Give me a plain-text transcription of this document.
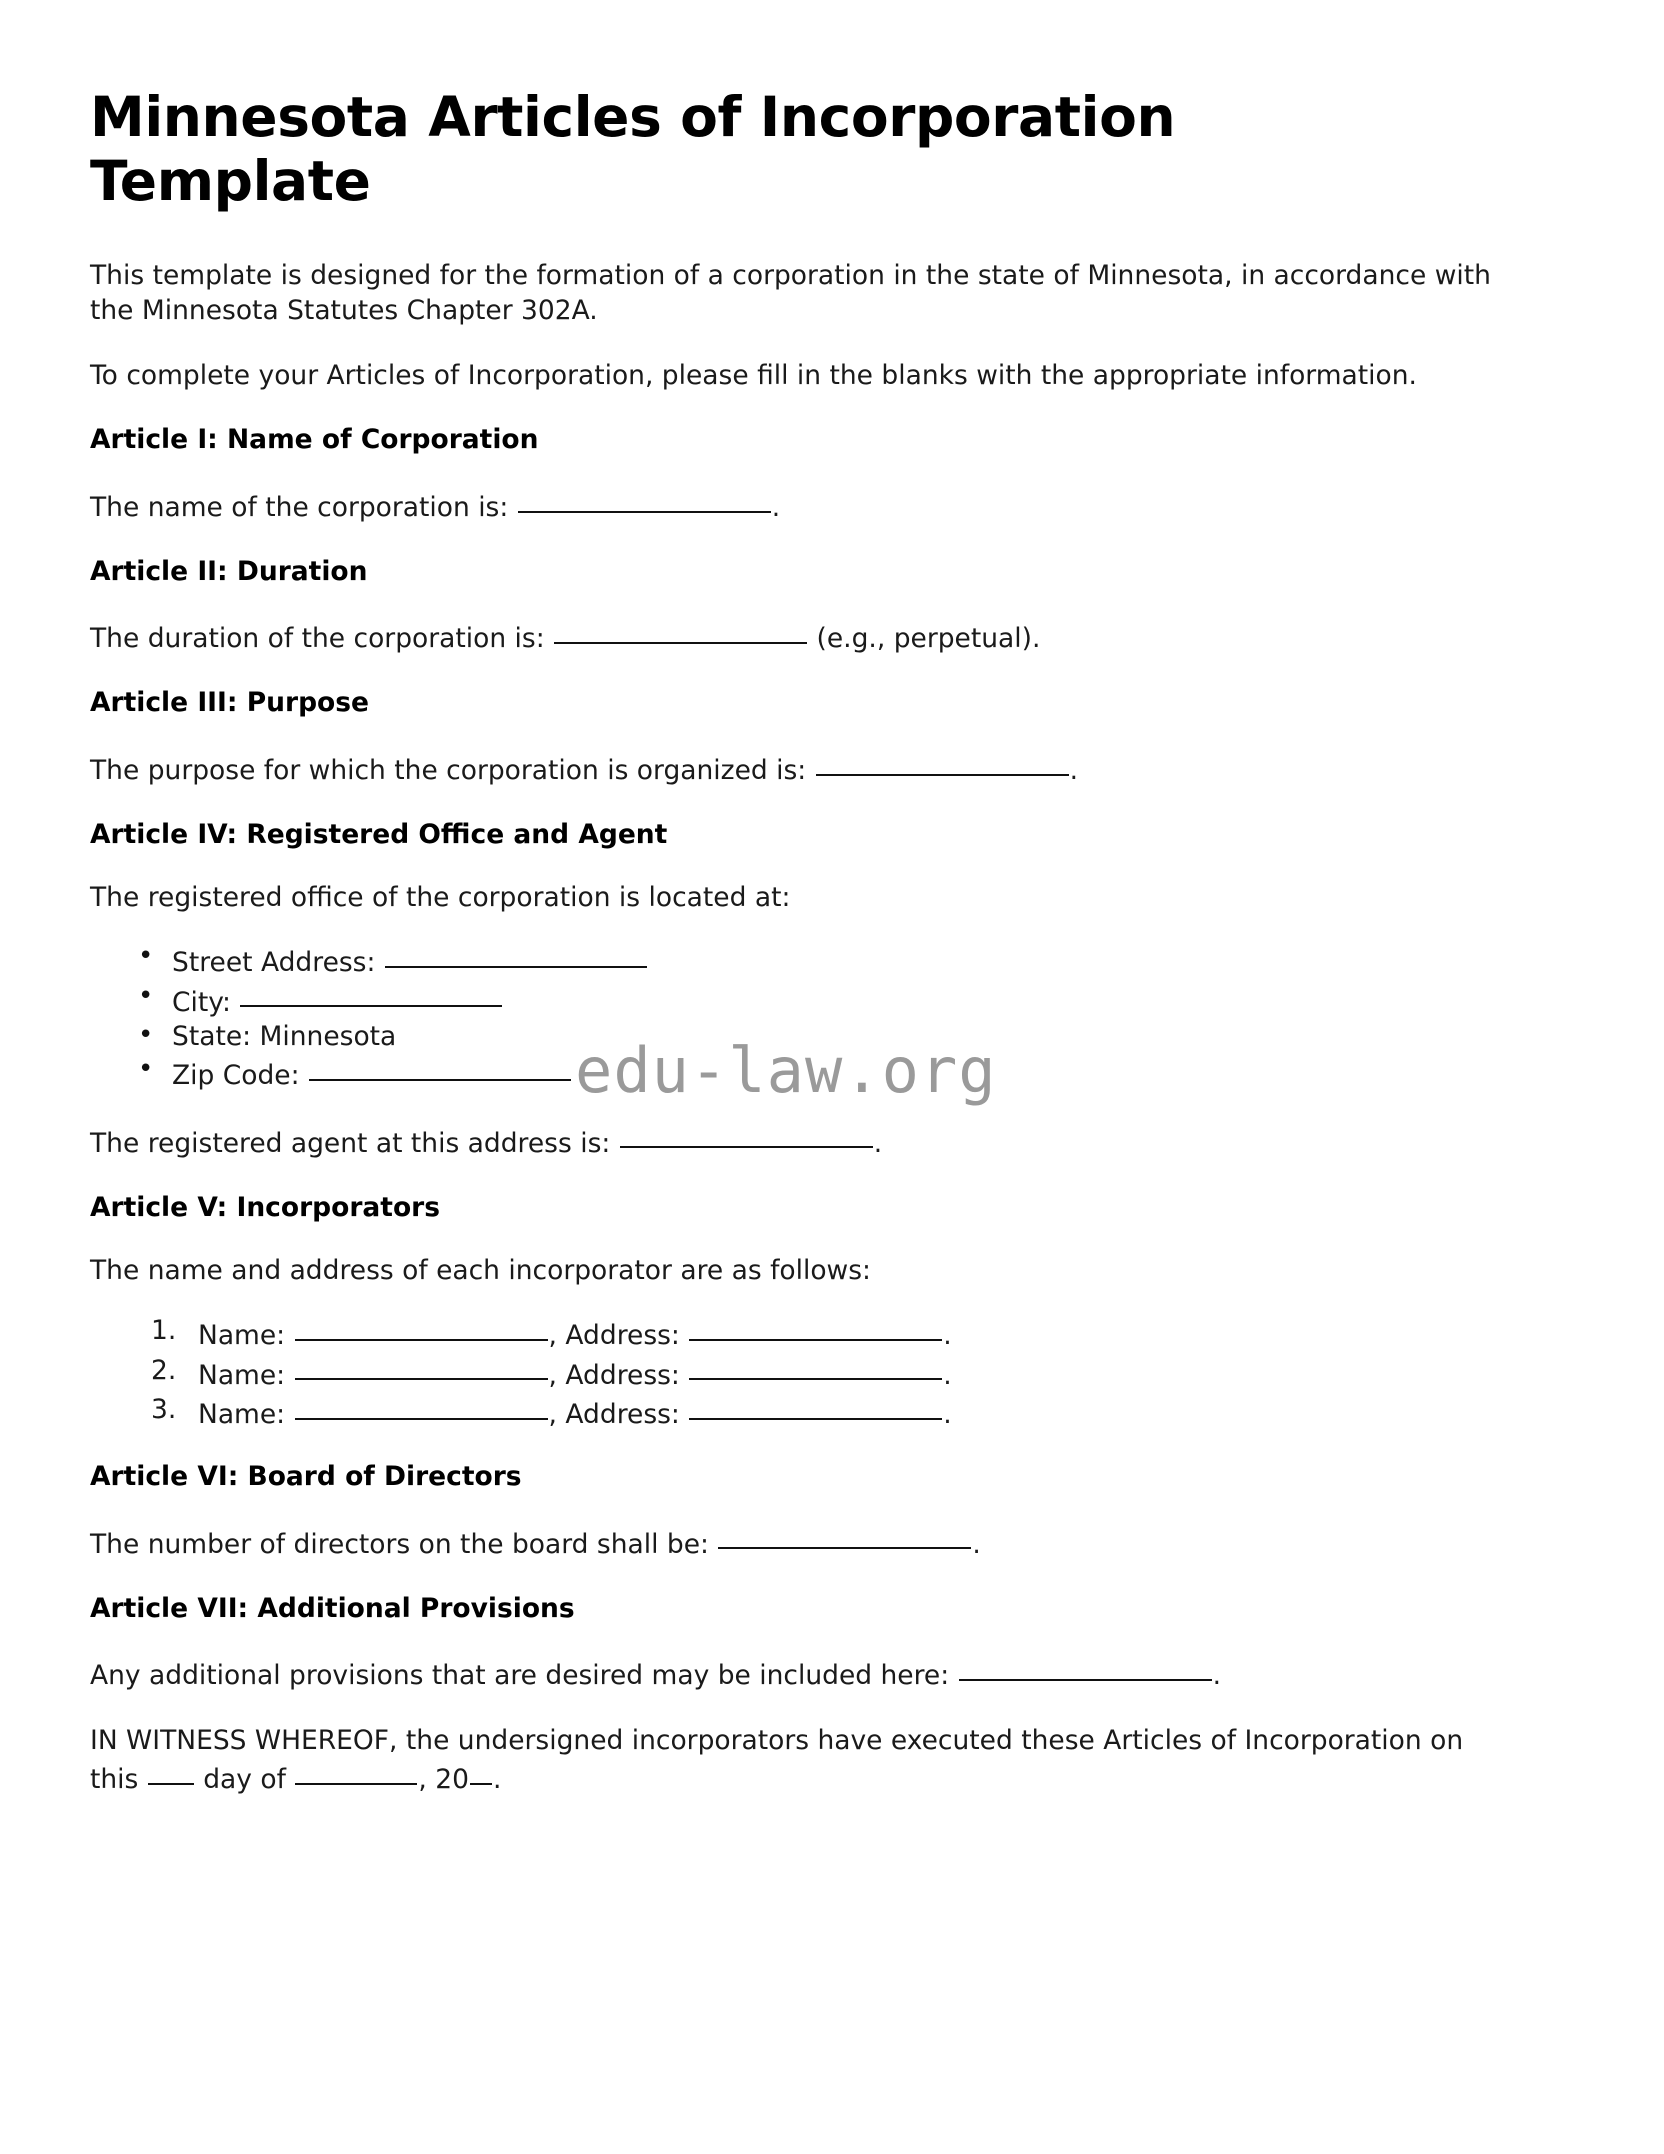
edu-law.org
Minnesota Articles of Incorporation Template

This template is designed for the formation of a corporation in the state of Minnesota, in accordance with the Minnesota Statutes Chapter 302A.

To complete your Articles of Incorporation, please fill in the blanks with the appropriate information.

Article I: Name of Corporation

The name of the corporation is:	.

Article II: Duration

The duration of the corporation is:	(e.g., perpetual).

Article III: Purpose

The purpose for which the corporation is organized is:	.

Article IV: Registered Office and Agent

The registered office of the corporation is located at:

• Street Address:
• City:
• State: Minnesota
• Zip Code:

The registered agent at this address is:	.

Article V: Incorporators

The name and address of each incorporator are as follows:

Name:	, Address:	.
Name:	, Address:	.
Name:	, Address:	.
Article VI: Board of Directors

The number of directors on the board shall be:	.

Article VII: Additional Provisions

Any additional provisions that are desired may be included here:	.

IN WITNESS WHEREOF, the undersigned incorporators have executed these Articles of Incorporation on this day of	, 20 .
